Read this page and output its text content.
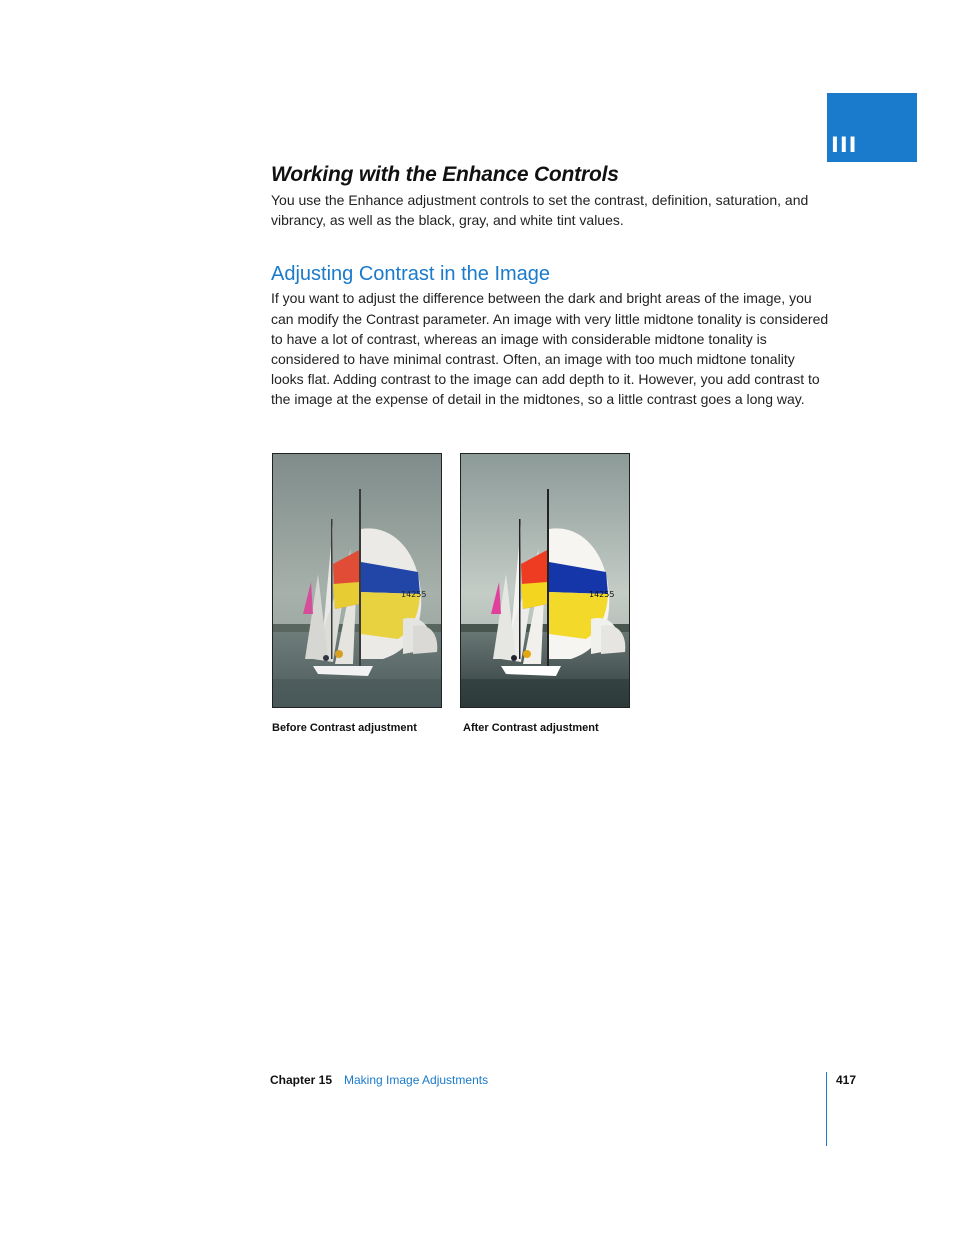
III
Working with the Enhance Controls

You use the Enhance adjustment controls to set the contrast, definition, saturation, and vibrancy, as well as the black, gray, and white tint values.

Adjusting Contrast in the Image

If you want to adjust the difference between the dark and bright areas of the image, you can modify the Contrast parameter. An image with very little midtone tonality is considered to have a lot of contrast, whereas an image with considerable midtone tonality is considered to have minimal contrast. Often, an image with too much midtone tonality looks flat. Adding contrast to the image can add depth to it. However, you add contrast to the image at the expense of detail in the midtones, so a little contrast goes a long way.

14255	14255
Before Contrast adjustment	After Contrast adjustment
Chapter 15 Making Image Adjustments	417
